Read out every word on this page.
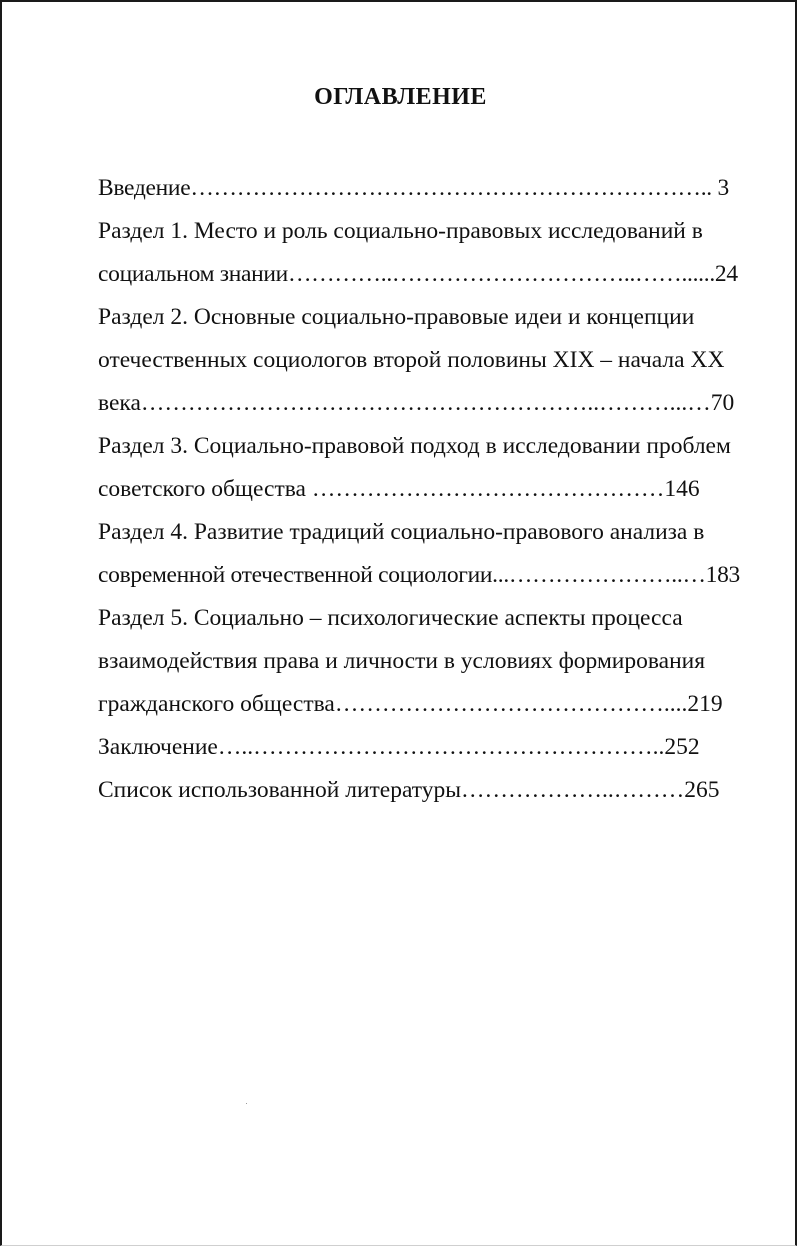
ОГЛАВЛЕНИЕ
Введение………………………………………………………….. 3
Раздел 1. Место и роль социально-правовых исследований в
социальном знании…………..…………………………..……......24
Раздел 2. Основные социально-правовые идеи и концепции
отечественных социологов второй половины XIX – начала XX
века…………………………………………………..………...…70
Раздел 3. Социально-правовой подход в исследовании проблем
советского общества ………………………………………146
Раздел 4. Развитие традиций социально-правового анализа в
современной отечественной социологии...…………………..…183
Раздел 5. Социально – психологические аспекты процесса
взаимодействия права и личности в условиях формирования
гражданского общества……………………………………....219
Заключение…..……………………………………………..252
Список использованной литературы………………..………265
